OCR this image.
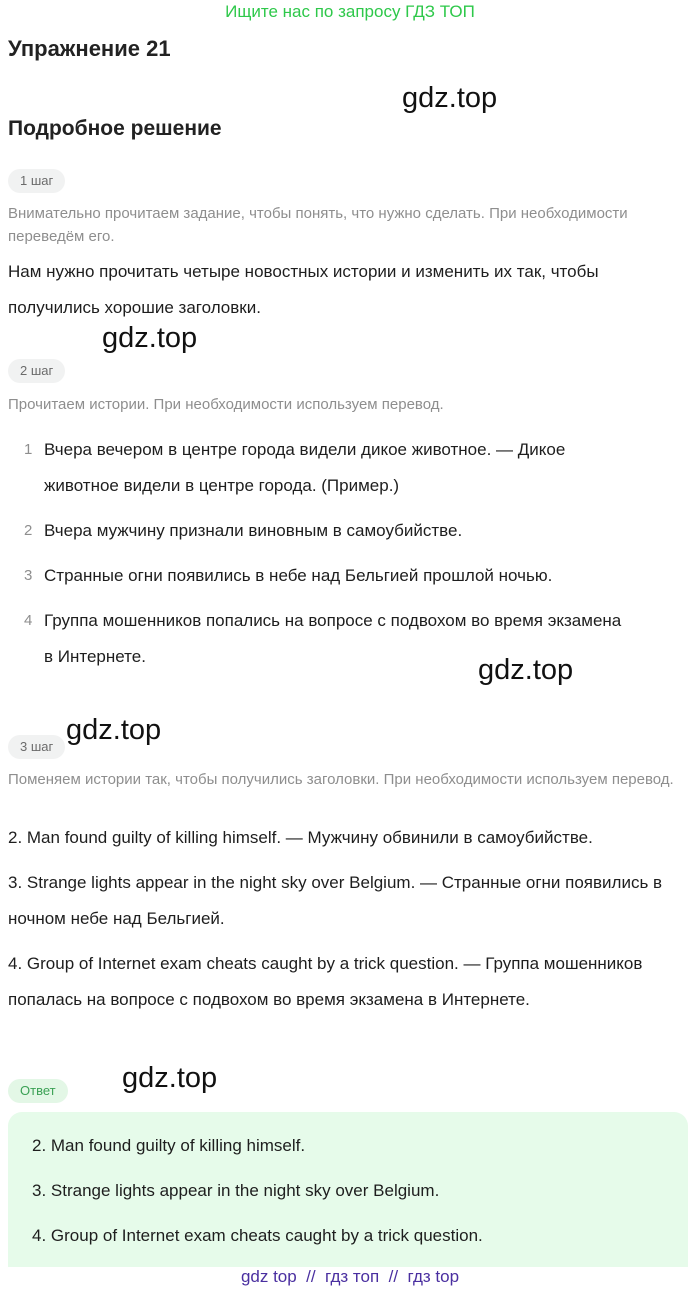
Ищите нас по запросу ГДЗ ТОП
Упражнение 21
Подробное решение
gdz.top
gdz.top
gdz.top
gdz.top
gdz.top
1 шаг
Внимательно прочитаем задание, чтобы понять, что нужно сделать. При необходимости переведём его.
Нам нужно прочитать четыре новостных истории и изменить их так, чтобы получились хорошие заголовки.
2 шаг
Прочитаем истории. При необходимости используем перевод.
1 Вчера вечером в центре города видели дикое животное. — Дикое
животное видели в центре города. (Пример.)
2 Вчера мужчину признали виновным в самоубийстве.
3 Странные огни появились в небе над Бельгией прошлой ночью.
4 Группа мошенников попались на вопросе с подвохом во время экзамена
в Интернете.
3 шаг
Поменяем истории так, чтобы получились заголовки. При необходимости используем перевод.
2. Man found guilty of killing himself. — Мужчину обвинили в самоубийстве.
3. Strange lights appear in the night sky over Belgium. — Странные огни появились в ночном небе над Бельгией.
4. Group of Internet exam cheats caught by a trick question. — Группа мошенников попалась на вопросе с подвохом во время экзамена в Интернете.
Ответ
2. Man found guilty of killing himself.
3. Strange lights appear in the night sky over Belgium.
4. Group of Internet exam cheats caught by a trick question.
gdz top  //  гдз топ  //  гдз top
